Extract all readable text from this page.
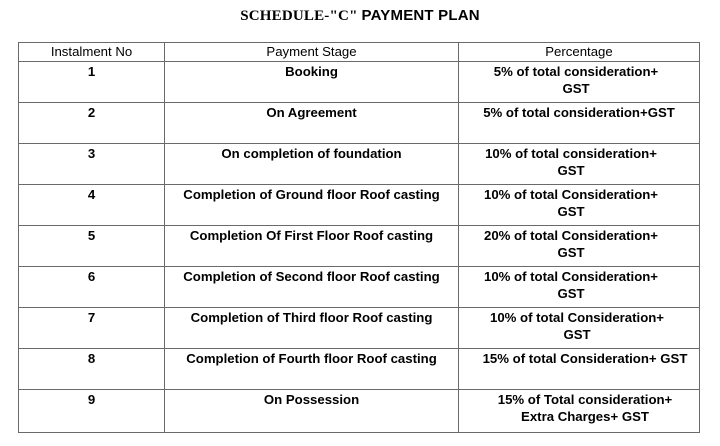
SCHEDULE-"C" PAYMENT PLAN
Instalment No	Payment Stage	Percentage
1	Booking	5% of total consideration+ GST

2	On Agreement	5% of total consideration+GST

3	On completion of foundation	10% of total consideration+ GST

4	Completion of Ground floor Roof casting	10% of total Consideration+ GST

5	Completion Of First Floor Roof casting	20% of total Consideration+ GST

6	Completion of Second floor Roof casting	10% of total Consideration+ GST

7	Completion of Third floor Roof casting	10% of total Consideration+ GST

8	Completion of Fourth floor Roof casting	15% of total Consideration+ GST

9	On Possession	15% of Total consideration+ Extra Charges+ GST
